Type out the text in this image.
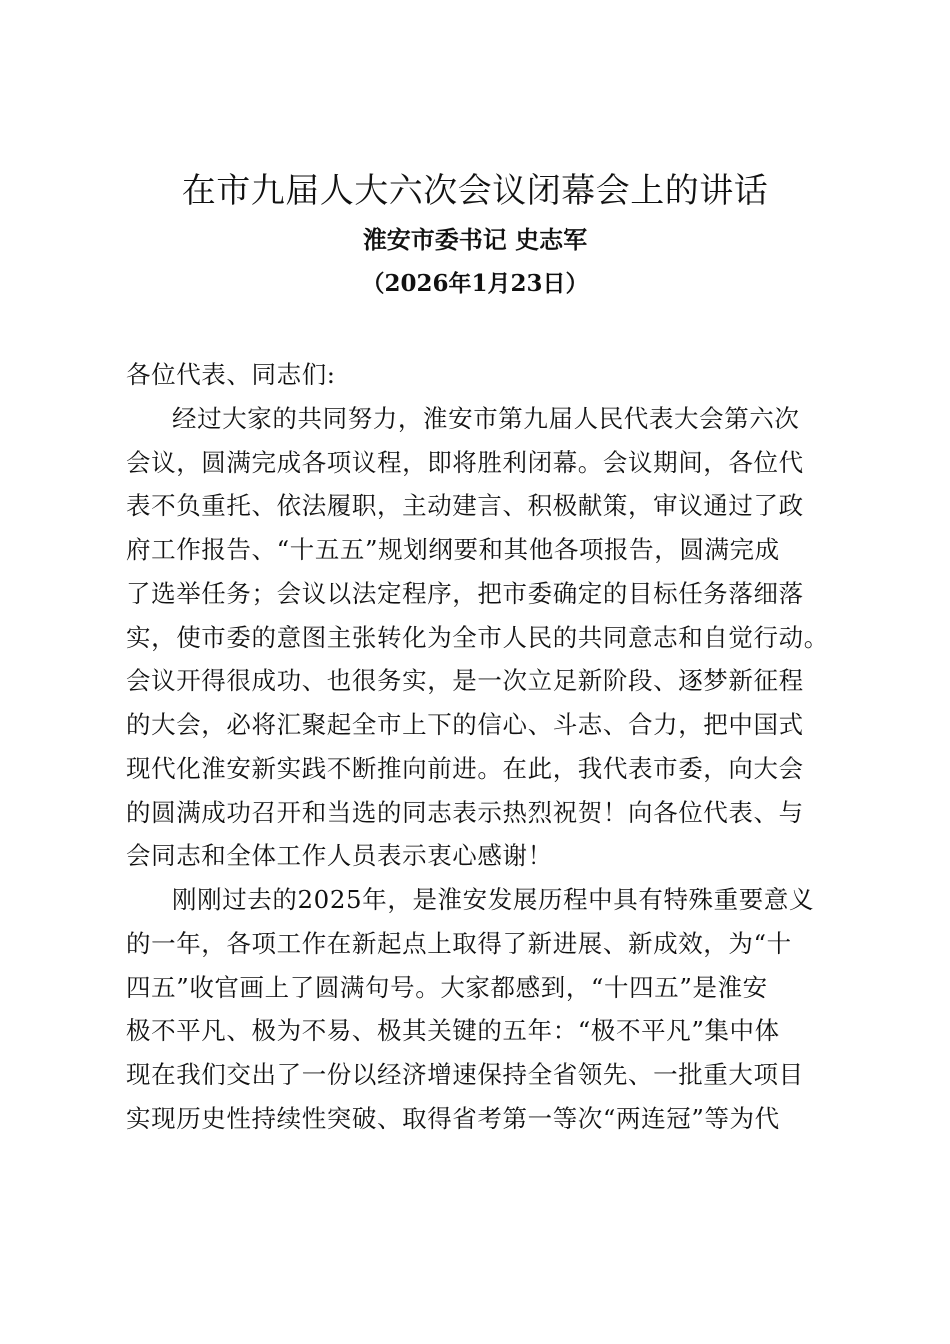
在市九届人大六次会议闭幕会上的讲话
淮安市委书记 史志军
（2026年1月23日）
各位代表、同志们:
经过大家的共同努力，淮安市第九届人民代表大会第六次
会议，圆满完成各项议程，即将胜利闭幕。会议期间，各位代
表不负重托、依法履职，主动建言、积极献策，审议通过了政
府工作报告、“十五五”规划纲要和其他各项报告，圆满完成
了选举任务；会议以法定程序，把市委确定的目标任务落细落
实，使市委的意图主张转化为全市人民的共同意志和自觉行动。
会议开得很成功、也很务实，是一次立足新阶段、逐梦新征程
的大会，必将汇聚起全市上下的信心、斗志、合力，把中国式
现代化淮安新实践不断推向前进。在此，我代表市委，向大会
的圆满成功召开和当选的同志表示热烈祝贺！向各位代表、与
会同志和全体工作人员表示衷心感谢！
刚刚过去的2025年，是淮安发展历程中具有特殊重要意义
的一年，各项工作在新起点上取得了新进展、新成效，为“十
四五”收官画上了圆满句号。大家都感到，“十四五”是淮安
极不平凡、极为不易、极其关键的五年：“极不平凡”集中体
现在我们交出了一份以经济增速保持全省领先、一批重大项目
实现历史性持续性突破、取得省考第一等次“两连冠”等为代
